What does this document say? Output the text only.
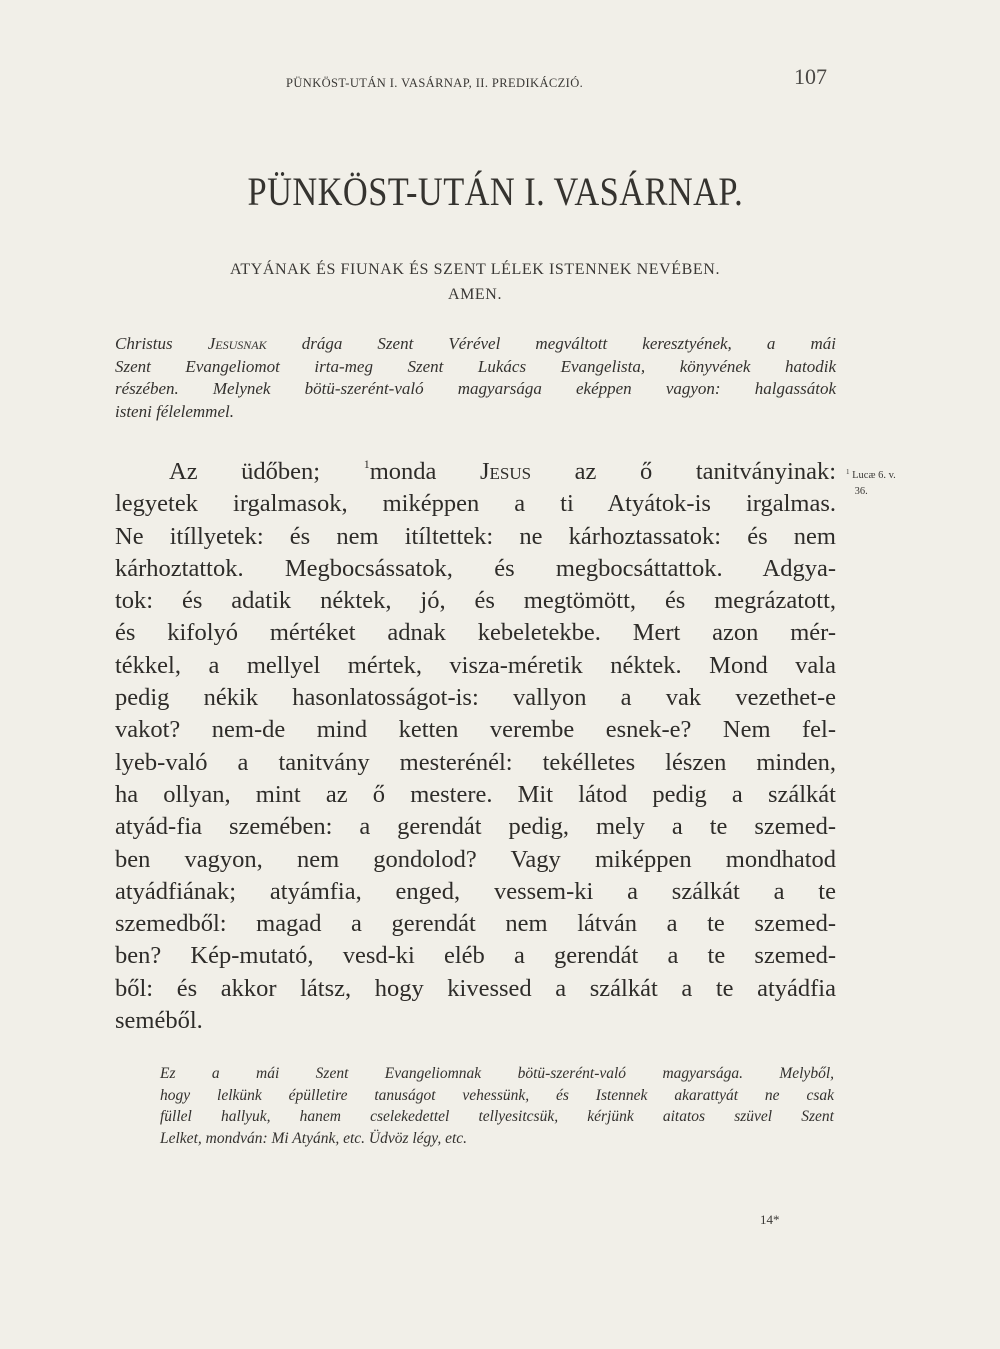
PÜNKÖST-UTÁN I. VASÁRNAP, II. PREDIKÁCZIÓ.	107
PÜNKÖST-UTÁN I. VASÁRNAP.
ATYÁNAK ÉS FIUNAK ÉS SZENT LÉLEK ISTENNEK NEVÉBEN.
AMEN.
Christus Jesusnak drága Szent Vérével megváltott keresztyének, a mái
Szent Evangeliomot irta-meg Szent Lukács Evangelista, könyvének hatodik
részében. Melynek bötü-szerént-való magyarsága eképpen vagyon: halgassátok
isteni félelemmel.
Az üdőben; $^1$monda Jesus az ő tanitványinak:
legyetek irgalmasok, miképpen a ti Atyátok-is irgalmas.
Ne itíllyetek: és nem itíltettek: ne kárhoztassatok: és nem
kárhoztattok. Megbocsássatok, és megbocsáttattok. Adgya-
tok: és adatik néktek, jó, és megtömött, és megrázatott,
és kifolyó mértéket adnak kebeletekbe. Mert azon mér-
tékkel, a mellyel mértek, visza-méretik néktek. Mond vala
pedig nékik hasonlatosságot-is: vallyon a vak vezethet-e
vakot? nem-de mind ketten verembe esnek-e? Nem fel-
lyeb-való a tanitvány mesterénél: tekélletes lészen minden,
ha ollyan, mint az ő mestere. Mit látod pedig a szálkát
atyád-fia szemében: a gerendát pedig, mely a te szemed-
ben vagyon, nem gondolod? Vagy miképpen mondhatod
atyádfiának; atyámfia, enged, vessem-ki a szálkát a te
szemedből: magad a gerendát nem látván a te szemed-
ben? Kép-mutató, vesd-ki eléb a gerendát a te szemed-
ből: és akkor látsz, hogy kivessed a szálkát a te atyádfia
seméből.
$^1$ Lucæ 6. v.
36.
Ez a mái Szent Evangeliomnak bötü-szerént-való magyarsága. Melyből,
hogy lelkünk épülletire tanuságot vehessünk, és Istennek akarattyát ne csak
füllel hallyuk, hanem cselekedettel tellyesitcsük, kérjünk aitatos szüvel Szent
Lelket, mondván: Mi Atyánk, etc. Üdvöz légy, etc.
14*
